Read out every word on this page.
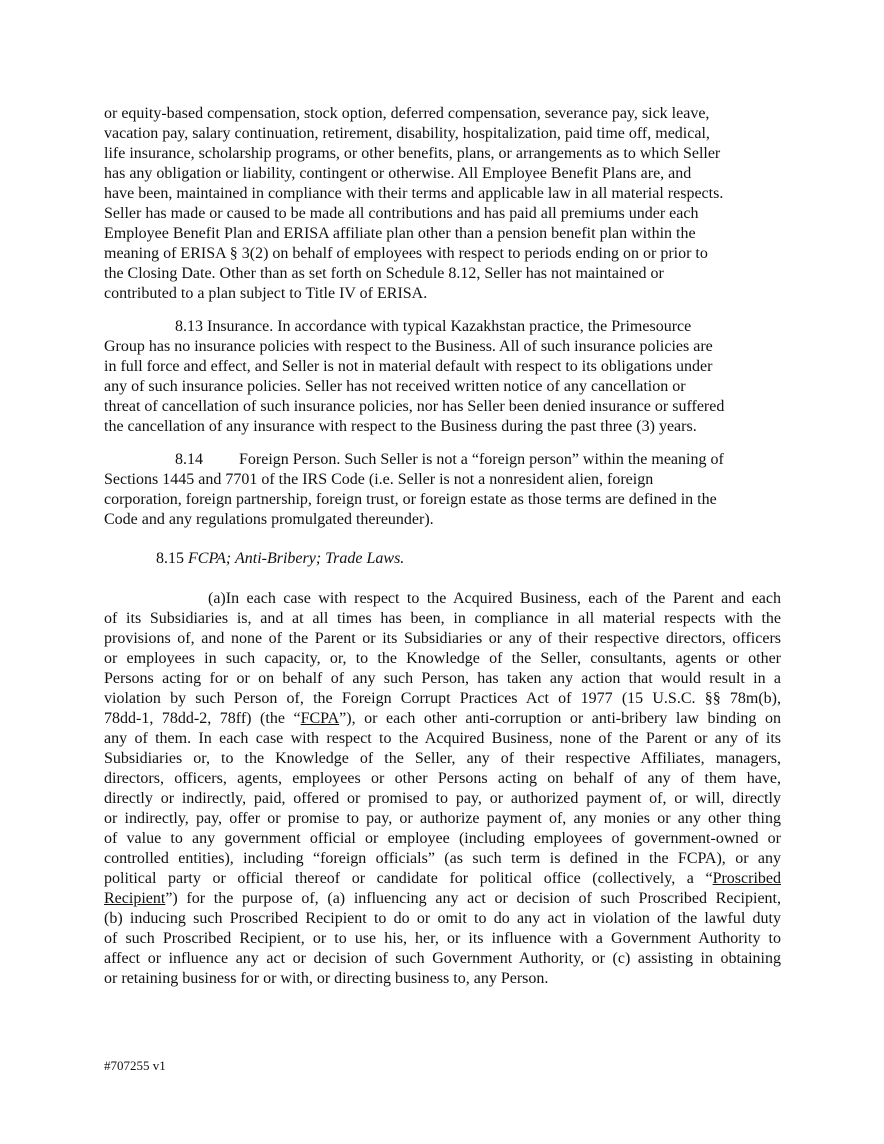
or equity-based compensation, stock option, deferred compensation, severance pay, sick leave,
vacation pay, salary continuation, retirement, disability, hospitalization, paid time off, medical,
life insurance, scholarship programs, or other benefits, plans, or arrangements as to which Seller
has any obligation or liability, contingent or otherwise. All Employee Benefit Plans are, and
have been, maintained in compliance with their terms and applicable law in all material respects.
Seller has made or caused to be made all contributions and has paid all premiums under each
Employee Benefit Plan and ERISA affiliate plan other than a pension benefit plan within the
meaning of ERISA § 3(2) on behalf of employees with respect to periods ending on or prior to
the Closing Date. Other than as set forth on Schedule 8.12, Seller has not maintained or
contributed to a plan subject to Title IV of ERISA.
8.13 Insurance. In accordance with typical Kazakhstan practice, the Primesource
Group has no insurance policies with respect to the Business. All of such insurance policies are
in full force and effect, and Seller is not in material default with respect to its obligations under
any of such insurance policies. Seller has not received written notice of any cancellation or
threat of cancellation of such insurance policies, nor has Seller been denied insurance or suffered
the cancellation of any insurance with respect to the Business during the past three (3) years.
8.14 Foreign Person. Such Seller is not a “foreign person” within the meaning of
Sections 1445 and 7701 of the IRS Code (i.e. Seller is not a nonresident alien, foreign
corporation, foreign partnership, foreign trust, or foreign estate as those terms are defined in the
Code and any regulations promulgated thereunder).
8.15 FCPA; Anti-Bribery; Trade Laws.
(a)In each case with respect to the Acquired Business, each of the Parent and each
of its Subsidiaries is, and at all times has been, in compliance in all material respects with the
provisions of, and none of the Parent or its Subsidiaries or any of their respective directors, officers
or employees in such capacity, or, to the Knowledge of the Seller, consultants, agents or other
Persons acting for or on behalf of any such Person, has taken any action that would result in a
violation by such Person of, the Foreign Corrupt Practices Act of 1977 (15 U.S.C. §§ 78m(b),
78dd-1, 78dd-2, 78ff) (the “FCPA”), or each other anti-corruption or anti-bribery law binding on
any of them. In each case with respect to the Acquired Business, none of the Parent or any of its
Subsidiaries or, to the Knowledge of the Seller, any of their respective Affiliates, managers,
directors, officers, agents, employees or other Persons acting on behalf of any of them have,
directly or indirectly, paid, offered or promised to pay, or authorized payment of, or will, directly
or indirectly, pay, offer or promise to pay, or authorize payment of, any monies or any other thing
of value to any government official or employee (including employees of government-owned or
controlled entities), including “foreign officials” (as such term is defined in the FCPA), or any
political party or official thereof or candidate for political office (collectively, a “Proscribed
Recipient”) for the purpose of, (a) influencing any act or decision of such Proscribed Recipient,
(b) inducing such Proscribed Recipient to do or omit to do any act in violation of the lawful duty
of such Proscribed Recipient, or to use his, her, or its influence with a Government Authority to
affect or influence any act or decision of such Government Authority, or (c) assisting in obtaining
or retaining business for or with, or directing business to, any Person.
#707255 v1
